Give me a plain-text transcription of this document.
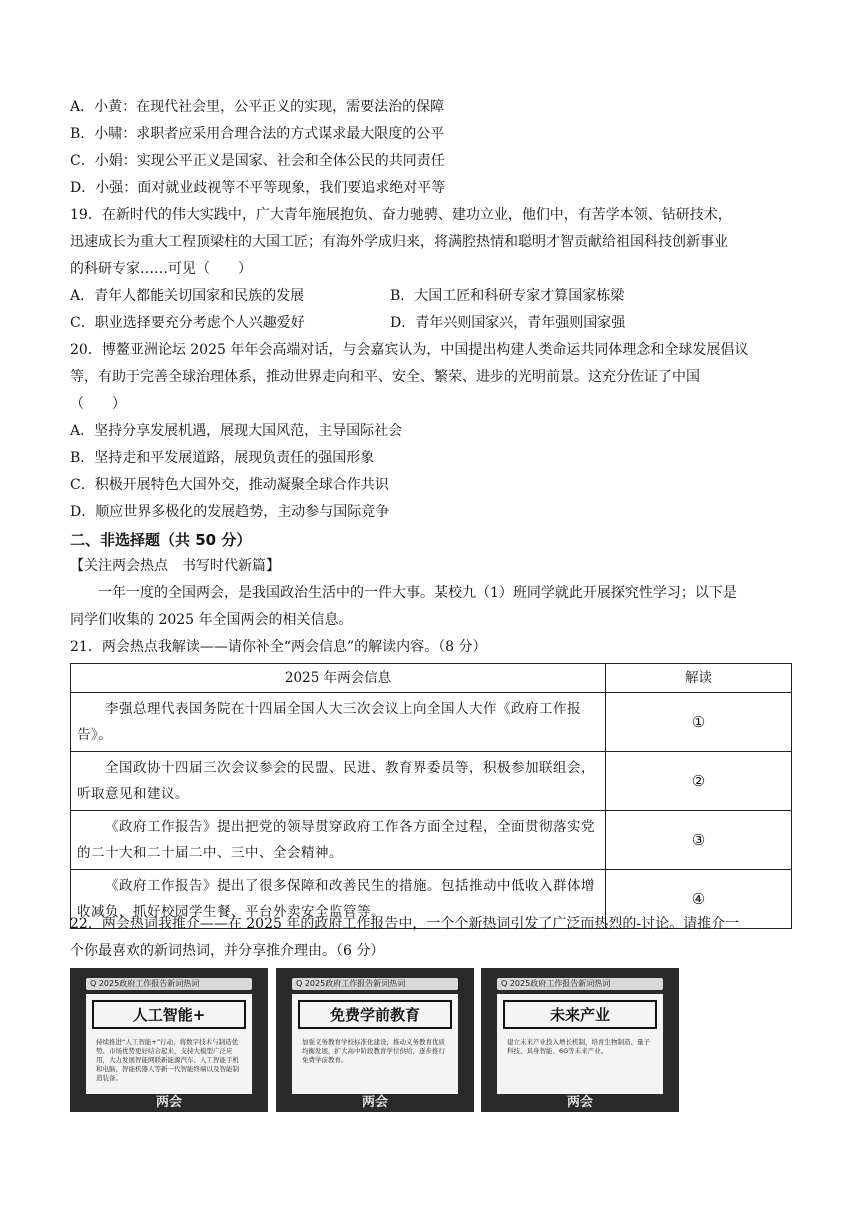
A．小黄：在现代社会里，公平正义的实现，需要法治的保障
B．小啸：求职者应采用合理合法的方式谋求最大限度的公平
C．小娟：实现公平正义是国家、社会和全体公民的共同责任
D．小强：面对就业歧视等不平等现象，我们要追求绝对平等
19．在新时代的伟大实践中，广大青年施展抱负、奋力驰骋、建功立业，他们中，有苦学本领、钻研技术，
迅速成长为重大工程顶梁柱的大国工匠；有海外学成归来，将满腔热情和聪明才智贡献给祖国科技创新事业
的科研专家……可见（　　）
A．青年人都能关切国家和民族的发展	B．大国工匠和科研专家才算国家栋梁
C．职业选择要充分考虑个人兴趣爱好	D．青年兴则国家兴，青年强则国家强
20．博鳌亚洲论坛 2025 年年会高端对话，与会嘉宾认为，中国提出构建人类命运共同体理念和全球发展倡议
等，有助于完善全球治理体系，推动世界走向和平、安全、繁荣、进步的光明前景。这充分佐证了中国
（　　）
A．坚持分享发展机遇，展现大国风范，主导国际社会
B．坚持走和平发展道路，展现负责任的强国形象
C．积极开展特色大国外交，推动凝聚全球合作共识
D．顺应世界多极化的发展趋势，主动参与国际竞争
二、非选择题（共 50 分）
【关注两会热点　书写时代新篇】
一年一度的全国两会，是我国政治生活中的一件大事。某校九（1）班同学就此开展探究性学习；以下是
同学们收集的 2025 年全国两会的相关信息。
21．两会热点我解读——请你补全“两会信息”的解读内容。（8 分）
2025 年两会信息	解读
李强总理代表国务院在十四届全国人大三次会议上向全国人大作《政府工作报告》。	①
全国政协十四届三次会议参会的民盟、民进、教育界委员等，积极参加联组会，听取意见和建议。	②
《政府工作报告》提出把党的领导贯穿政府工作各方面全过程，全面贯彻落实党的二十大和二十届二中、三中、全会精神。	③
《政府工作报告》提出了很多保障和改善民生的措施。包括推动中低收入群体增收减负，抓好校园学生餐、平台外卖安全监管等。	④
22．两会热词我推介——在 2025 年的政府工作报告中，一个个新热词引发了广泛而热烈的-讨论。请推介一
个你最喜欢的新词热词，并分享推介理由。（6 分）
Q 2025政府工作报告新词热词
人工智能+
持续推进“人工智能+”行动，将数字技术与制造优势、市场优势更好结合起来，支持大模型广泛应用，大力发展智能网联新能源汽车、人工智能手机和电脑、智能机器人等新一代智能终端以及智能制造装备。
两会
Q 2025政府工作报告新词热词
免费学前教育
加强义务教育学校标准化建设，推动义务教育优质均衡发展，扩大高中阶段教育学位供给，逐步推行免费学前教育。
两会
Q 2025政府工作报告新词热词
未来产业
建立未来产业投入增长机制，培育生物制造、量子科技、具身智能、6G等未来产业。
两会
